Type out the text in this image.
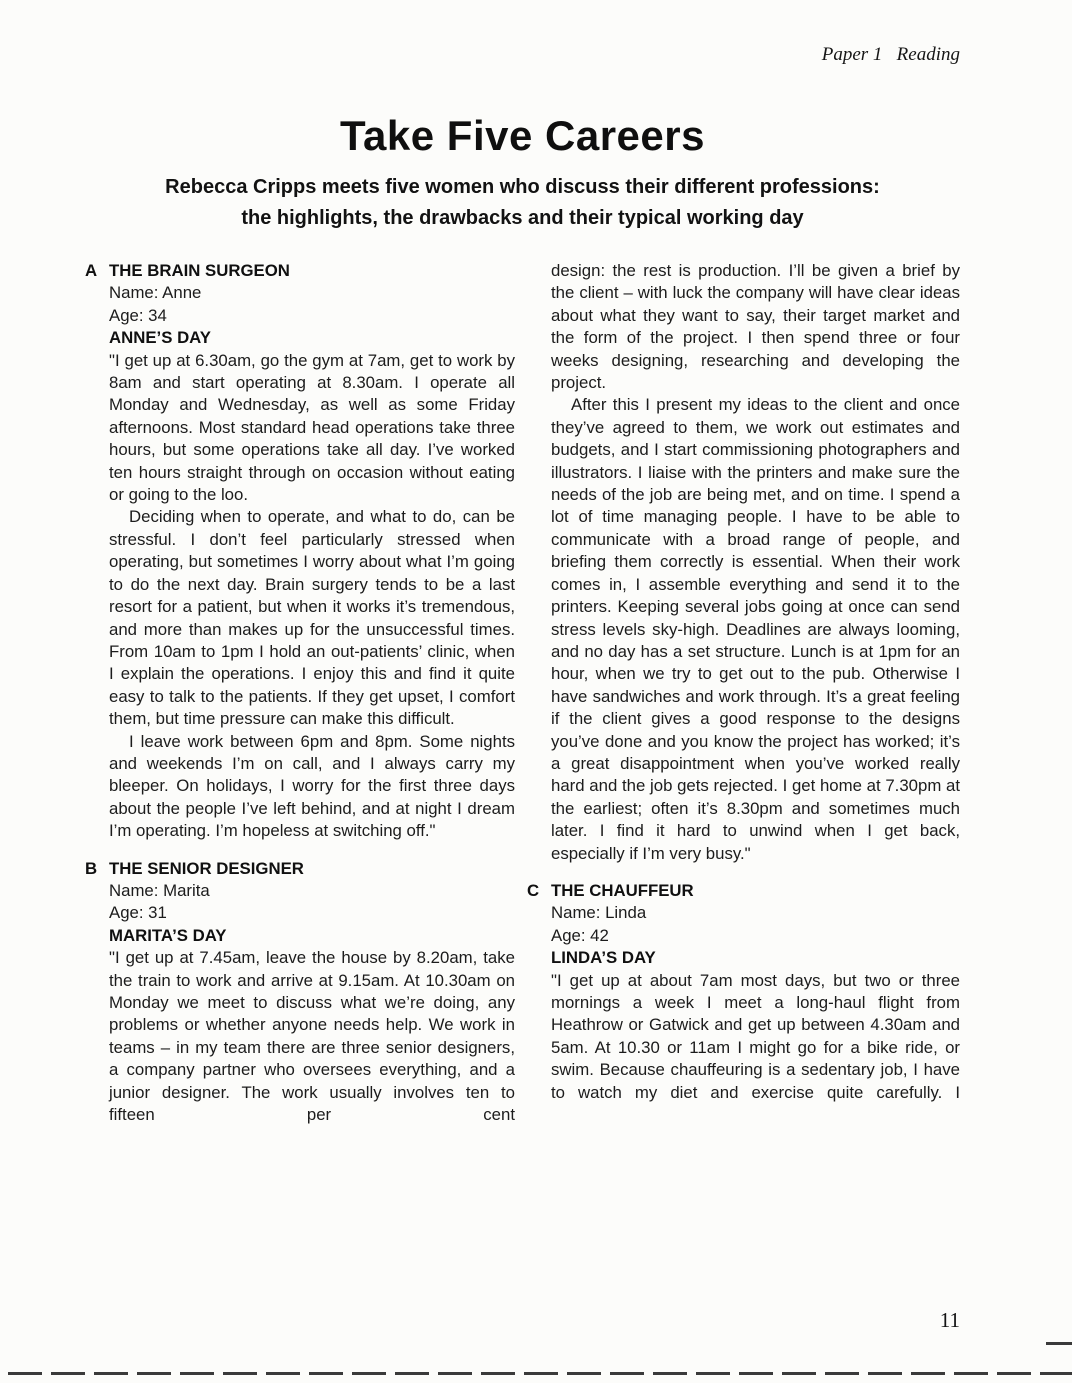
Paper 1   Reading
Take Five Careers
Rebecca Cripps meets five women who discuss their different professions:
the highlights, the drawbacks and their typical working day
A THE BRAIN SURGEON
Name: Anne
Age: 34
ANNE’S DAY

"I get up at 6.30am, go the gym at 7am, get to work by 8am and start operating at 8.30am. I operate all Monday and Wednesday, as well as some Friday afternoons. Most standard head operations take three hours, but some operations take all day. I’ve worked ten hours straight through on occasion without eating or going to the loo.

Deciding when to operate, and what to do, can be stressful. I don’t feel particularly stressed when operating, but sometimes I worry about what I’m going to do the next day. Brain surgery tends to be a last resort for a patient, but when it works it’s tremendous, and more than makes up for the unsuccessful times. From 10am to 1pm I hold an out-patients’ clinic, when I explain the operations. I enjoy this and find it quite easy to talk to the patients. If they get upset, I comfort them, but time pressure can make this difficult.

I leave work between 6pm and 8pm. Some nights and weekends I’m on call, and I always carry my bleeper. On holidays, I worry for the first three days about the people I’ve left behind, and at night I dream I’m operating. I’m hopeless at switching off."

B THE SENIOR DESIGNER
Name: Marita
Age: 31
MARITA’S DAY

"I get up at 7.45am, leave the house by 8.20am, take the train to work and arrive at 9.15am. At 10.30am on Monday we meet to discuss what we’re doing, any problems or whether anyone needs help. We work in teams – in my team there are three senior designers, a company partner who oversees everything, and a junior designer. The work usually involves ten to fifteen per cent

design: the rest is production. I’ll be given a brief by the client – with luck the company will have clear ideas about what they want to say, their target market and the form of the project. I then spend three or four weeks designing, researching and developing the project.

After this I present my ideas to the client and once they’ve agreed to them, we work out estimates and budgets, and I start commissioning photographers and illustrators. I liaise with the printers and make sure the needs of the job are being met, and on time. I spend a lot of time managing people. I have to be able to communicate with a broad range of people, and briefing them correctly is essential. When their work comes in, I assemble everything and send it to the printers. Keeping several jobs going at once can send stress levels sky-high. Deadlines are always looming, and no day has a set structure. Lunch is at 1pm for an hour, when we try to get out to the pub. Otherwise I have sandwiches and work through. It’s a great feeling if the client gives a good response to the designs you’ve done and you know the project has worked; it’s a great disappointment when you’ve worked really hard and the job gets rejected. I get home at 7.30pm at the earliest; often it’s 8.30pm and sometimes much later. I find it hard to unwind when I get back, especially if I’m very busy."

C THE CHAUFFEUR
Name: Linda
Age: 42
LINDA’S DAY

"I get up at about 7am most days, but two or three mornings a week I meet a long-haul flight from Heathrow or Gatwick and get up between 4.30am and 5am. At 10.30 or 11am I might go for a bike ride, or swim. Because chauffeuring is a sedentary job, I have to watch my diet and exercise quite carefully. I

11
